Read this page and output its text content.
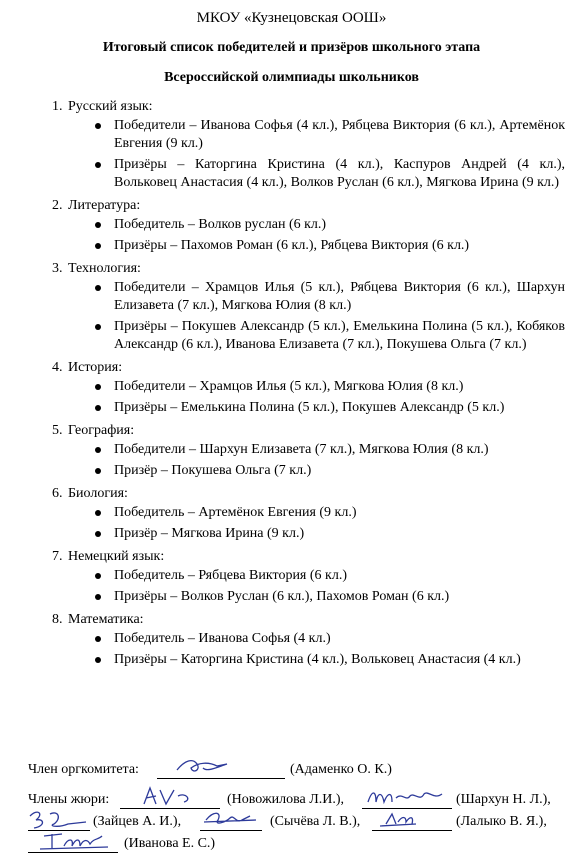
МКОУ «Кузнецовская ООШ»
Итоговый список победителей и призёров школьного этапа
Всероссийской олимпиады школьников
1. Русский язык:
Победители – Иванова Софья (4 кл.), Рябцева Виктория (6 кл.), Артемёнок Евгения (9 кл.)
Призёры – Каторгина Кристина (4 кл.), Каспуров Андрей (4 кл.), Вольковец Анастасия (4 кл.), Волков Руслан (6 кл.), Мягкова Ирина (9 кл.)
2. Литература:
Победитель – Волков руслан (6 кл.)
Призёры – Пахомов Роман (6 кл.), Рябцева Виктория (6 кл.)
3. Технология:
Победители – Храмцов Илья (5 кл.), Рябцева Виктория (6 кл.), Шархун Елизавета (7 кл.), Мягкова Юлия (8 кл.)
Призёры – Покушев Александр (5 кл.), Емелькина Полина (5 кл.), Кобяков Александр (6 кл.), Иванова Елизавета (7 кл.), Покушева Ольга (7 кл.)
4. История:
Победители – Храмцов Илья (5 кл.), Мягкова Юлия (8 кл.)
Призёры – Емелькина Полина (5 кл.), Покушев Александр (5 кл.)
5. География:
Победители – Шархун Елизавета (7 кл.), Мягкова Юлия (8 кл.)
Призёр – Покушева Ольга (7 кл.)
6. Биология:
Победитель – Артемёнок Евгения (9 кл.)
Призёр – Мягкова Ирина (9 кл.)
7. Немецкий язык:
Победитель – Рябцева Виктория (6 кл.)
Призёры – Волков Руслан (6 кл.), Пахомов Роман (6 кл.)
8. Математика:
Победитель – Иванова Софья (4 кл.)
Призёры – Каторгина Кристина (4 кл.), Вольковец Анастасия (4 кл.)
Член оргкомитета:	(Адаменко О. К.)
Члены жюри:	(Новожилова Л.И.),	(Шархун Н. Л.),
(Зайцев А. И.),	(Сычёва Л. В.),	(Лалыко В. Я.),
(Иванова Е. С.)
